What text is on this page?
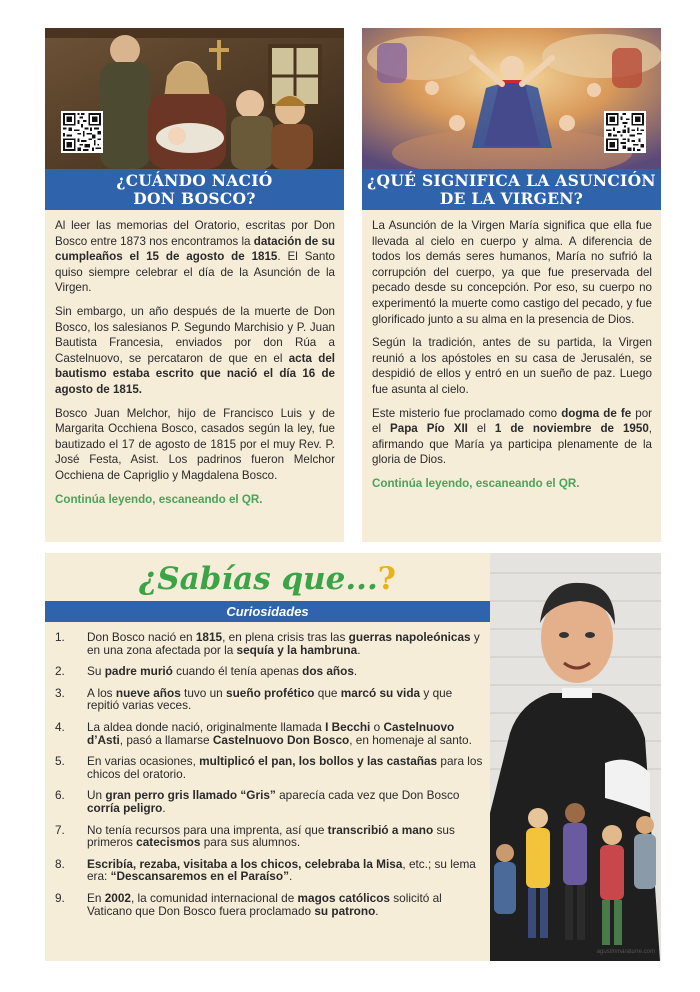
¿CUÁNDO NACIÓ
DON BOSCO?

Al leer las memorias del Oratorio, escritas por Don Bosco entre 1873 nos encontramos la datación de su cumpleaños el 15 de agosto de 1815. El Santo quiso siempre celebrar el día de la Asunción de la Virgen.

Sin embargo, un año después de la muerte de Don Bosco, los salesianos P. Segundo Marchisio y P. Juan Bautista Francesia, enviados por don Rúa a Castelnuovo, se percataron de que en el acta del bautismo estaba escrito que nació el día 16 de agosto de 1815.

Bosco Juan Melchor, hijo de Francisco Luis y de Margarita Occhiena Bosco, casados según la ley, fue bautizado el 17 de agosto de 1815 por el muy Rev. P. José Festa, Asist. Los padrinos fueron Melchor Occhiena de Capriglio y Magdalena Bosco.

Continúa leyendo, escaneando el QR.

¿QUÉ SIGNIFICA LA ASUNCIÓN
DE LA VIRGEN?

La Asunción de la Virgen María significa que ella fue llevada al cielo en cuerpo y alma. A diferencia de todos los demás seres humanos, María no sufrió la corrupción del cuerpo, ya que fue preservada del pecado desde su concepción. Por eso, su cuerpo no experimentó la muerte como castigo del pecado, y fue glorificado junto a su alma en la presencia de Dios.

Según la tradición, antes de su partida, la Virgen reunió a los apóstoles en su casa de Jerusalén, se despidió de ellos y entró en un sueño de paz. Luego fue asunta al cielo.

Este misterio fue proclamado como dogma de fe por el Papa Pío XII el 1 de noviembre de 1950, afirmando que María ya participa plenamente de la gloria de Dios.

Continúa leyendo, escaneando el QR.

¿Sabías que...?
Curiosidades
1.	Don Bosco nació en 1815, en plena crisis tras las guerras napoleónicas y en una zona afectada por la sequía y la hambruna.
2.	Su padre murió cuando él tenía apenas dos años.
3.	A los nueve años tuvo un sueño profético que marcó su vida y que repitió varias veces.
4.	La aldea donde nació, originalmente llamada I Becchi o Castelnuovo d’Asti, pasó a llamarse Castelnuovo Don Bosco, en homenaje al santo.
5.	En varias ocasiones, multiplicó el pan, los bollos y las castañas para los chicos del oratorio.
6.	Un gran perro gris llamado “Gris” aparecía cada vez que Don Bosco corría peligro.
7.	No tenía recursos para una imprenta, así que transcribió a mano sus primeros catecismos para sus alumnos.
8.	Escribía, rezaba, visitaba a los chicos, celebraba la Misa, etc.; su lema era: “Descansaremos en el Paraíso”.
9.	En 2002, la comunidad internacional de magos católicos solicitó al Vaticano que Don Bosco fuera proclamado su patrono.
agustinmaraturre.com
